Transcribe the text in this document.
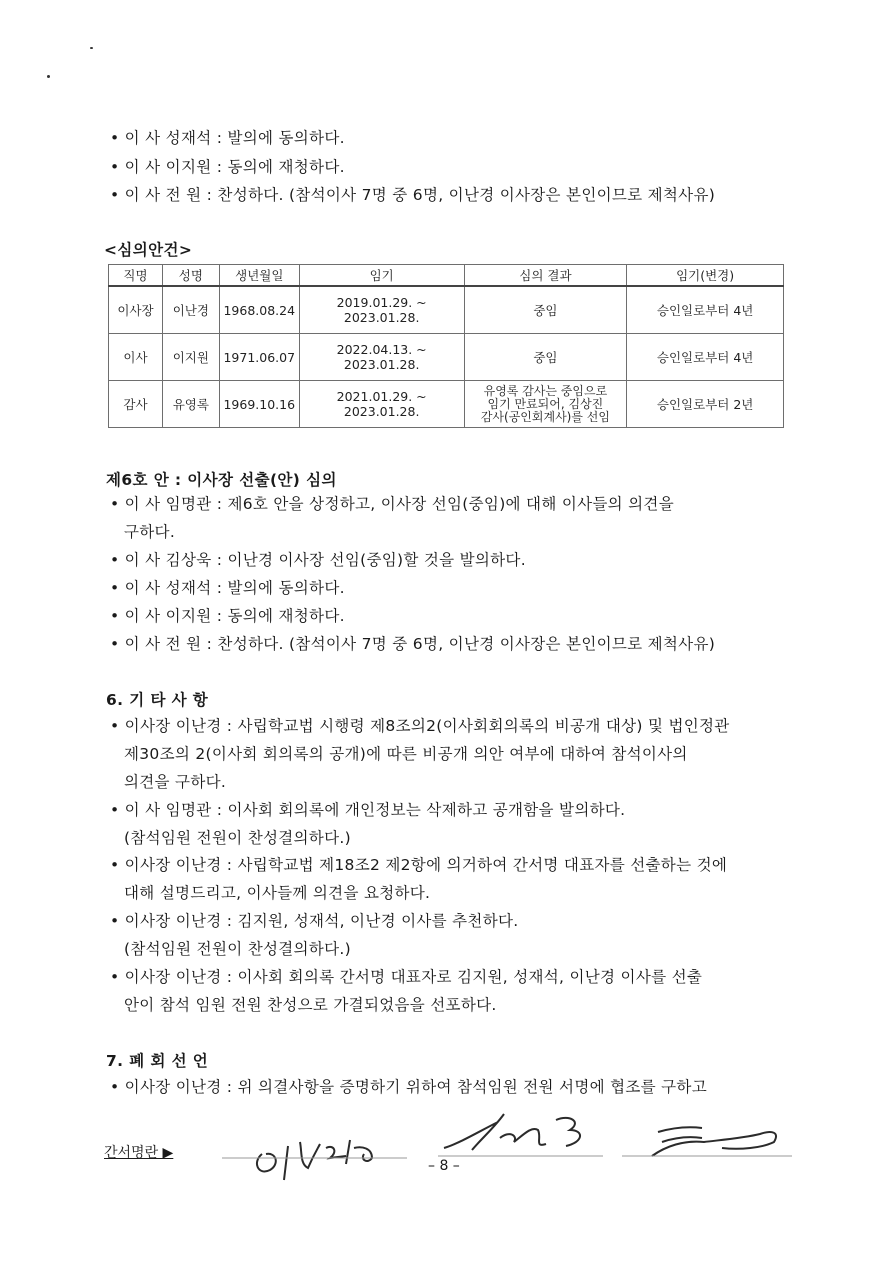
• 이 사 성재석 : 발의에 동의하다.
• 이 사 이지원 : 동의에 재청하다.
• 이 사 전 원 : 찬성하다. (참석이사 7명 중 6명, 이난경 이사장은 본인이므로 제척사유)
<심의안건>
직명	성명	생년월일	임기	심의 결과	임기(변경)
이사장	이난경	1968.08.24	2019.01.29. ~ 2023.01.28.	중임	승인일로부터 4년
이사	이지원	1971.06.07	2022.04.13. ~ 2023.01.28.	중임	승인일로부터 4년
감사	유영록	1969.10.16	2021.01.29. ~ 2023.01.28.	유영록 감사는 중임으로
임기 만료되어, 김상진
감사(공인회계사)를 선임	승인일로부터 2년
제6호 안 : 이사장 선출(안) 심의
• 이 사 임명관 : 제6호 안을 상정하고, 이사장 선임(중임)에 대해 이사들의 의견을
구하다.
• 이 사 김상욱 : 이난경 이사장 선임(중임)할 것을 발의하다.
• 이 사 성재석 : 발의에 동의하다.
• 이 사 이지원 : 동의에 재청하다.
• 이 사 전 원 : 찬성하다. (참석이사 7명 중 6명, 이난경 이사장은 본인이므로 제척사유)
6. 기 타 사 항
• 이사장 이난경 : 사립학교법 시행령 제8조의2(이사회회의록의 비공개 대상) 및 법인정관
제30조의 2(이사회 회의록의 공개)에 따른 비공개 의안 여부에 대하여 참석이사의
의견을 구하다.
• 이 사 임명관 : 이사회 회의록에 개인정보는 삭제하고 공개함을 발의하다.
(참석임원 전원이 찬성결의하다.)
• 이사장 이난경 : 사립학교법 제18조2 제2항에 의거하여 간서명 대표자를 선출하는 것에
대해 설명드리고, 이사들께 의견을 요청하다.
• 이사장 이난경 : 김지원, 성재석, 이난경 이사를 추천하다.
(참석임원 전원이 찬성결의하다.)
• 이사장 이난경 : 이사회 회의록 간서명 대표자로 김지원, 성재석, 이난경 이사를 선출
안이 참석 임원 전원 찬성으로 가결되었음을 선포하다.
7. 폐 회 선 언
• 이사장 이난경 : 위 의결사항을 증명하기 위하여 참석임원 전원 서명에 협조를 구하고
간서명란 ▶
– 8 –
